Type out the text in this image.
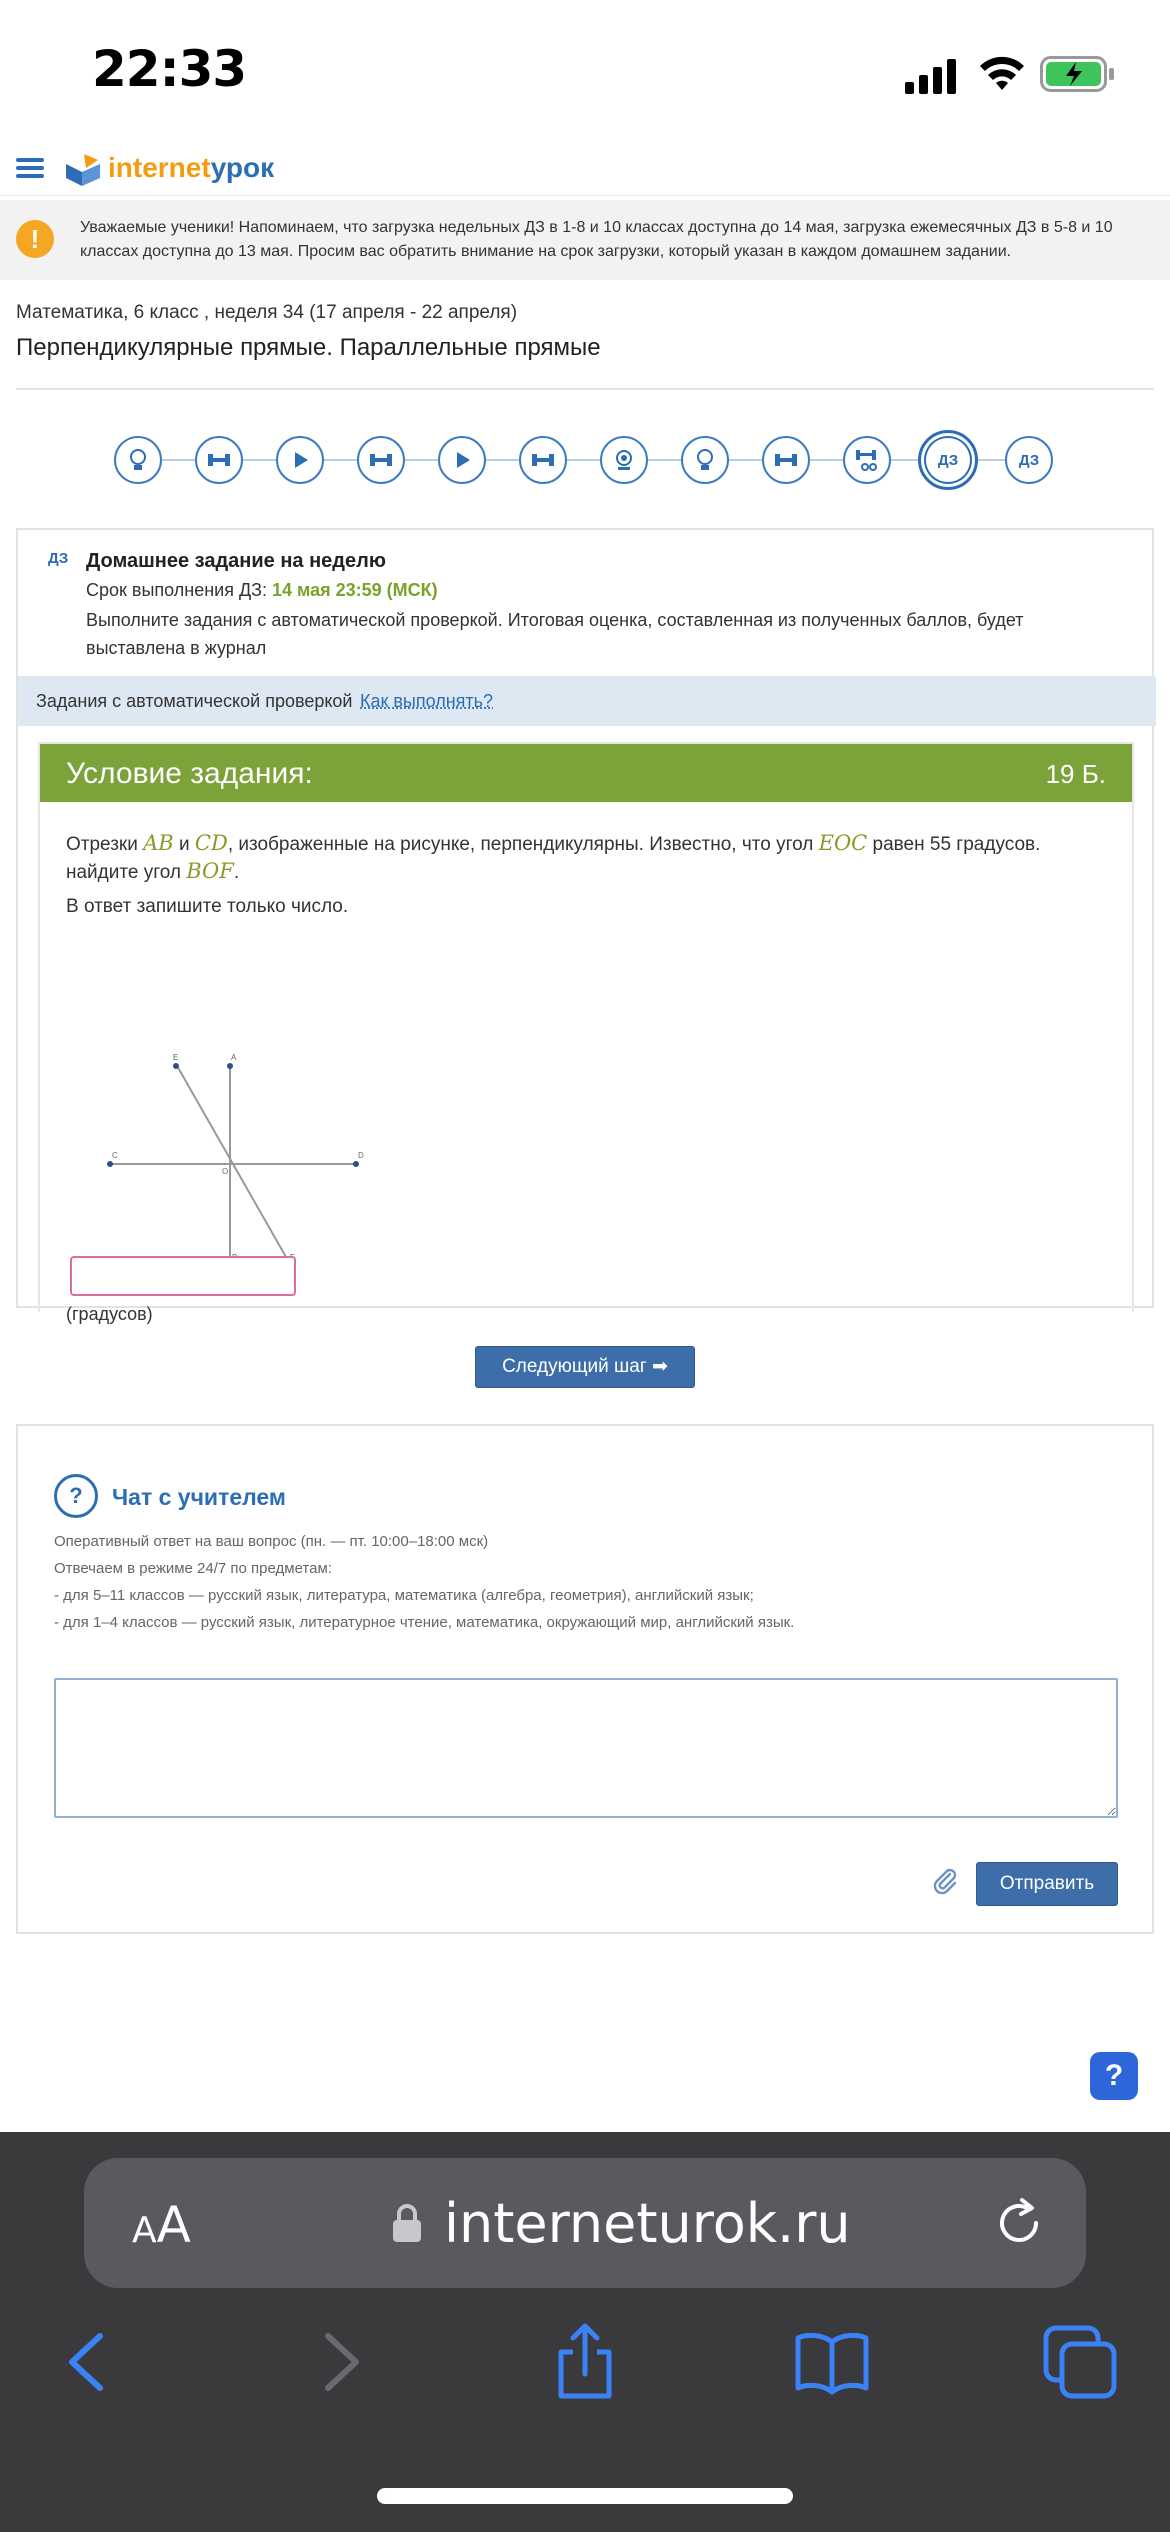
22:33
internetурок
!	Уважаемые ученики! Напоминаем, что загрузка недельных ДЗ в 1-8 и 10 классах доступна до 14 мая, загрузка ежемесячных ДЗ в 5-8 и 10 классах доступна до 13 мая. Просим вас обратить внимание на срок загрузки, который указан в каждом домашнем задании.
Математика, 6 класс , неделя 34 (17 апреля - 22 апреля)
Перпендикулярные прямые. Параллельные прямые
ДЗ	ДЗ
ДЗ Домашнее задание на неделю
Срок выполнения ДЗ: 14 мая 23:59 (МСК)
Выполните задания с автоматической проверкой. Итоговая оценка, составленная из полученных баллов, будет выставлена в журнал
Задания с автоматической проверкой Как выполнять?
Условие задания:	19 Б.
Отрезки AB и CD, изображенные на рисунке, перпендикулярны. Известно, что угол EOC равен 55 градусов. найдите угол BOF.
В ответ запишите только число.
E	A
C	D
O
(градусов)
Следующий шаг ➡
?	Чат с учителем
Оперативный ответ на ваш вопрос (пн. — пт. 10:00–18:00 мск)
Отвечаем в режиме 24/7 по предметам:
- для 5–11 классов — русский язык, литература, математика (алгебра, геометрия), английский язык;
- для 1–4 классов — русский язык, литературное чтение, математика, окружающий мир, английский язык.
Отправить
?
AA	interneturok.ru
